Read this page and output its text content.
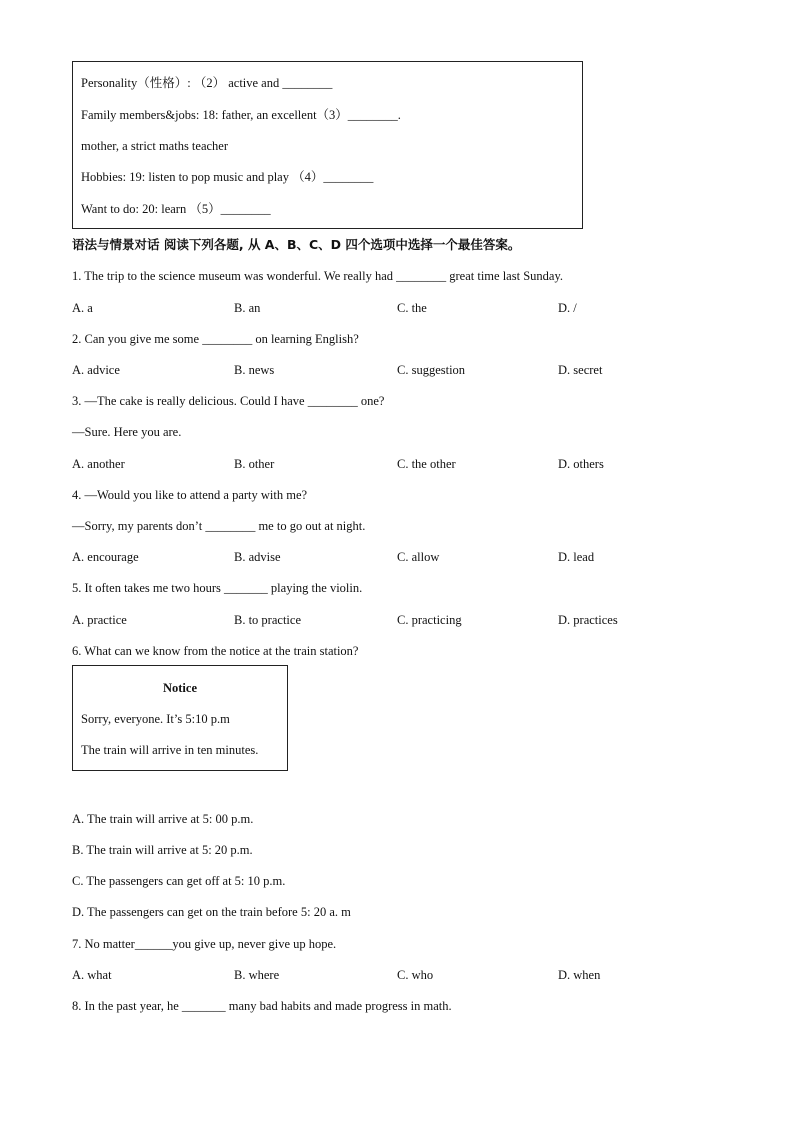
Personality（性格）: （2） active and ________
Family members&jobs: 18: father, an excellent（3）________.
mother, a strict maths teacher
Hobbies: 19: listen to pop music and play （4）________
Want to do: 20: learn （5）________
语法与情景对话 阅读下列各题, 从 A、B、C、D 四个选项中选择一个最佳答案。
1. The trip to the science museum was wonderful. We really had ________ great time last Sunday.
A. a	B. an	C. the	D. /
2. Can you give me some ________ on learning English?
A. advice	B. news	C. suggestion	D. secret
3. —The cake is really delicious. Could I have ________ one?
—Sure. Here you are.
A. another	B. other	C. the other	D. others
4. —Would you like to attend a party with me?
—Sorry, my parents don’t ________ me to go out at night.
A. encourage	B. advise	C. allow	D. lead
5. It often takes me two hours _______ playing the violin.
A. practice	B. to practice	C. practicing	D. practices
6. What can we know from the notice at the train station?
Notice
Sorry, everyone. It’s 5:10 p.m
The train will arrive in ten minutes.
A. The train will arrive at 5: 00 p.m.
B. The train will arrive at 5: 20 p.m.
C. The passengers can get off at 5: 10 p.m.
D. The passengers can get on the train before 5: 20 a. m
7. No matter______you give up, never give up hope.
A. what	B. where	C. who	D. when
8. In the past year, he _______ many bad habits and made progress in math.
